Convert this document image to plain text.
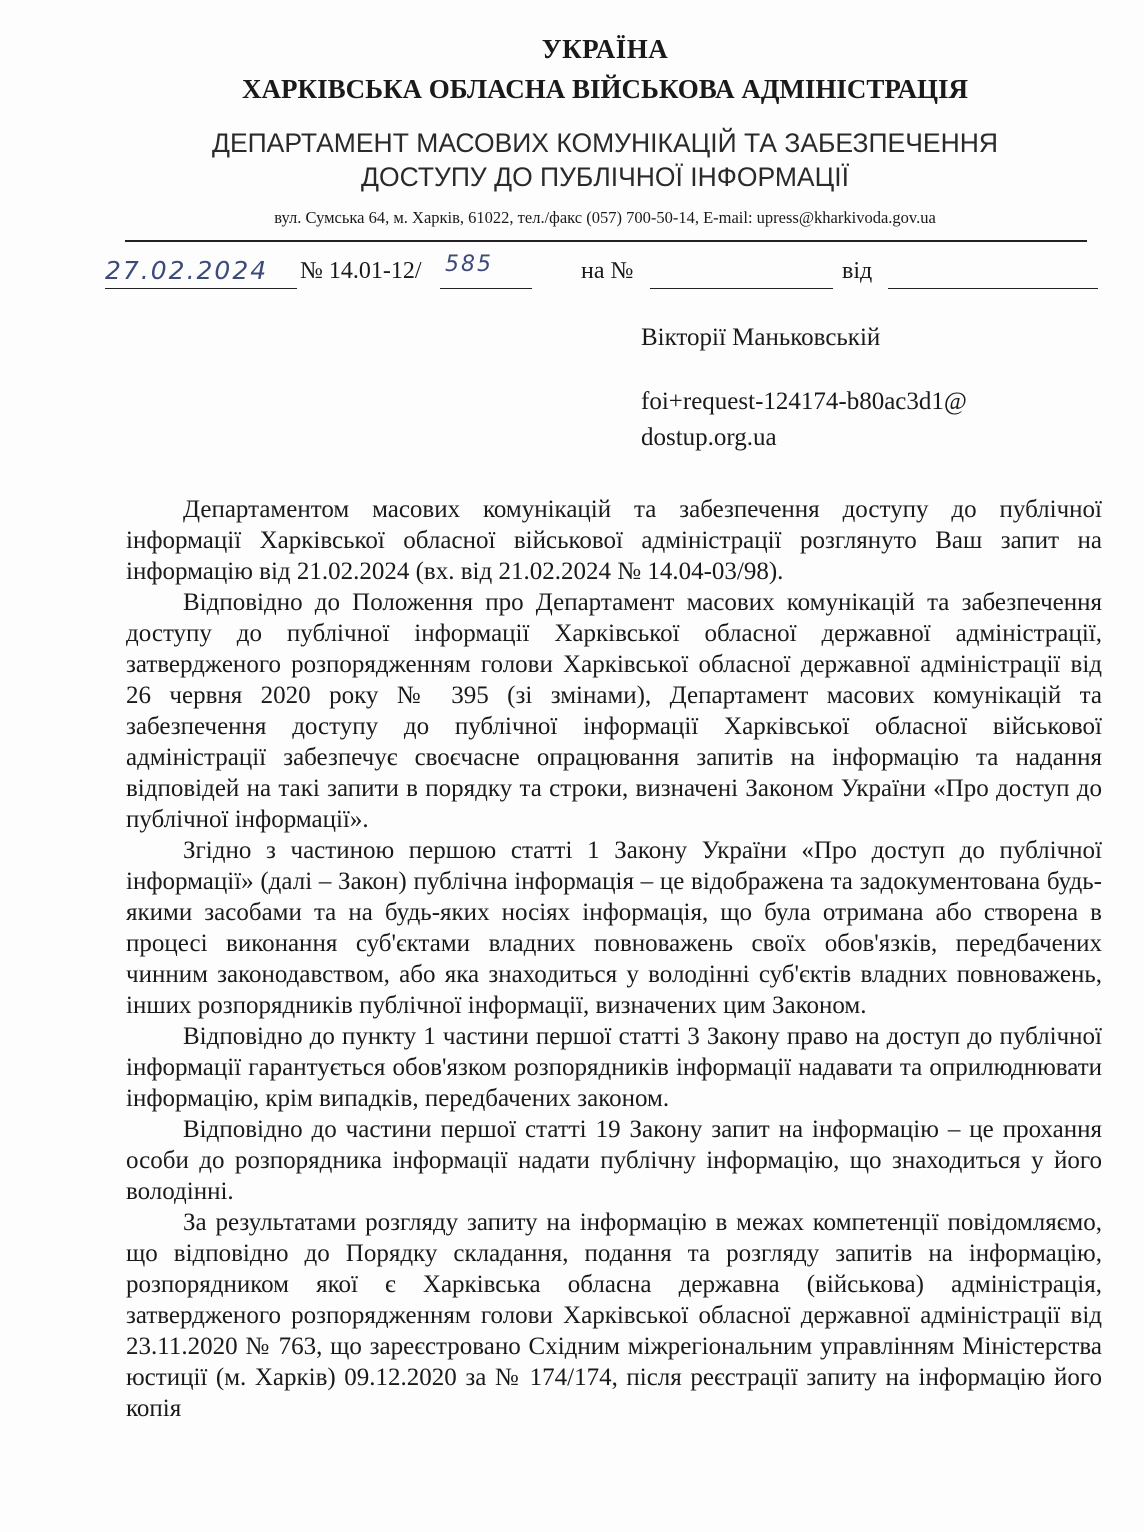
УКРАЇНА
ХАРКІВСЬКА ОБЛАСНА ВІЙСЬКОВА АДМІНІСТРАЦІЯ
ДЕПАРТАМЕНТ МАСОВИХ КОМУНІКАЦІЙ ТА ЗАБЕЗПЕЧЕННЯ
ДОСТУПУ ДО ПУБЛІЧНОЇ ІНФОРМАЦІЇ
вул. Сумська 64, м. Харків, 61022, тел./факс (057) 700-50-14, E-mail: upress@kharkivoda.gov.ua
27.02.2024 № 14.01-12/ 585	на №	від
Вікторії Маньковській
foi+request-124174-b80ac3d1@
dostup.org.ua

Департаментом масових комунікацій та забезпечення доступу до публічної інформації Харківської обласної військової адміністрації розглянуто Ваш запит на інформацію від 21.02.2024 (вх. від 21.02.2024 № 14.04-03/98).

Відповідно до Положення про Департамент масових комунікацій та забезпечення доступу до публічної інформації Харківської обласної державної адміністрації, затвердженого розпорядженням голови Харківської обласної державної адміністрації від 26 червня 2020 року № 395 (зі змінами), Департамент масових комунікацій та забезпечення доступу до публічної інформації Харківської обласної військової адміністрації забезпечує своєчасне опрацювання запитів на інформацію та надання відповідей на такі запити в порядку та строки, визначені Законом України «Про доступ до публічної інформації».

Згідно з частиною першою статті 1 Закону України «Про доступ до публічної інформації» (далі – Закон) публічна інформація – це відображена та задокументована будь-якими засобами та на будь-яких носіях інформація, що була отримана або створена в процесі виконання суб'єктами владних повноважень своїх обов'язків, передбачених чинним законодавством, або яка знаходиться у володінні суб'єктів владних повноважень, інших розпорядників публічної інформації, визначених цим Законом.

Відповідно до пункту 1 частини першої статті 3 Закону право на доступ до публічної інформації гарантується обов'язком розпорядників інформації надавати та оприлюднювати інформацію, крім випадків, передбачених законом.

Відповідно до частини першої статті 19 Закону запит на інформацію – це прохання особи до розпорядника інформації надати публічну інформацію, що знаходиться у його володінні.

За результатами розгляду запиту на інформацію в межах компетенції повідомляємо, що відповідно до Порядку складання, подання та розгляду запитів на інформацію, розпорядником якої є Харківська обласна державна (військова) адміністрація, затвердженого розпорядженням голови Харківської обласної державної адміністрації від 23.11.2020 № 763, що зареєстровано Східним міжрегіональним управлінням Міністерства юстиції (м. Харків) 09.12.2020 за № 174/174, після реєстрації запиту на інформацію його копія
